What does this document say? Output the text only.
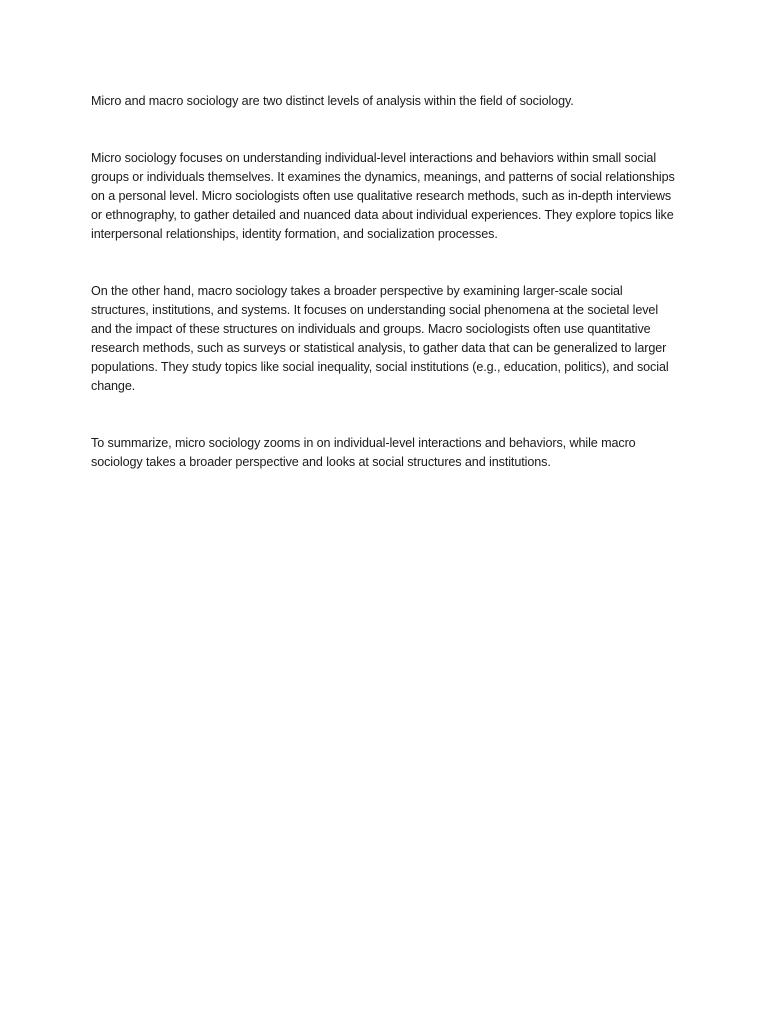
Micro and macro sociology are two distinct levels of analysis within the field of sociology.

Micro sociology focuses on understanding individual-level interactions and behaviors within small social groups or individuals themselves. It examines the dynamics, meanings, and patterns of social relationships on a personal level. Micro sociologists often use qualitative research methods, such as in-depth interviews or ethnography, to gather detailed and nuanced data about individual experiences. They explore topics like interpersonal relationships, identity formation, and socialization processes.

On the other hand, macro sociology takes a broader perspective by examining larger-scale social structures, institutions, and systems. It focuses on understanding social phenomena at the societal level and the impact of these structures on individuals and groups. Macro sociologists often use quantitative research methods, such as surveys or statistical analysis, to gather data that can be generalized to larger populations. They study topics like social inequality, social institutions (e.g., education, politics), and social change.

To summarize, micro sociology zooms in on individual-level interactions and behaviors, while macro sociology takes a broader perspective and looks at social structures and institutions.
